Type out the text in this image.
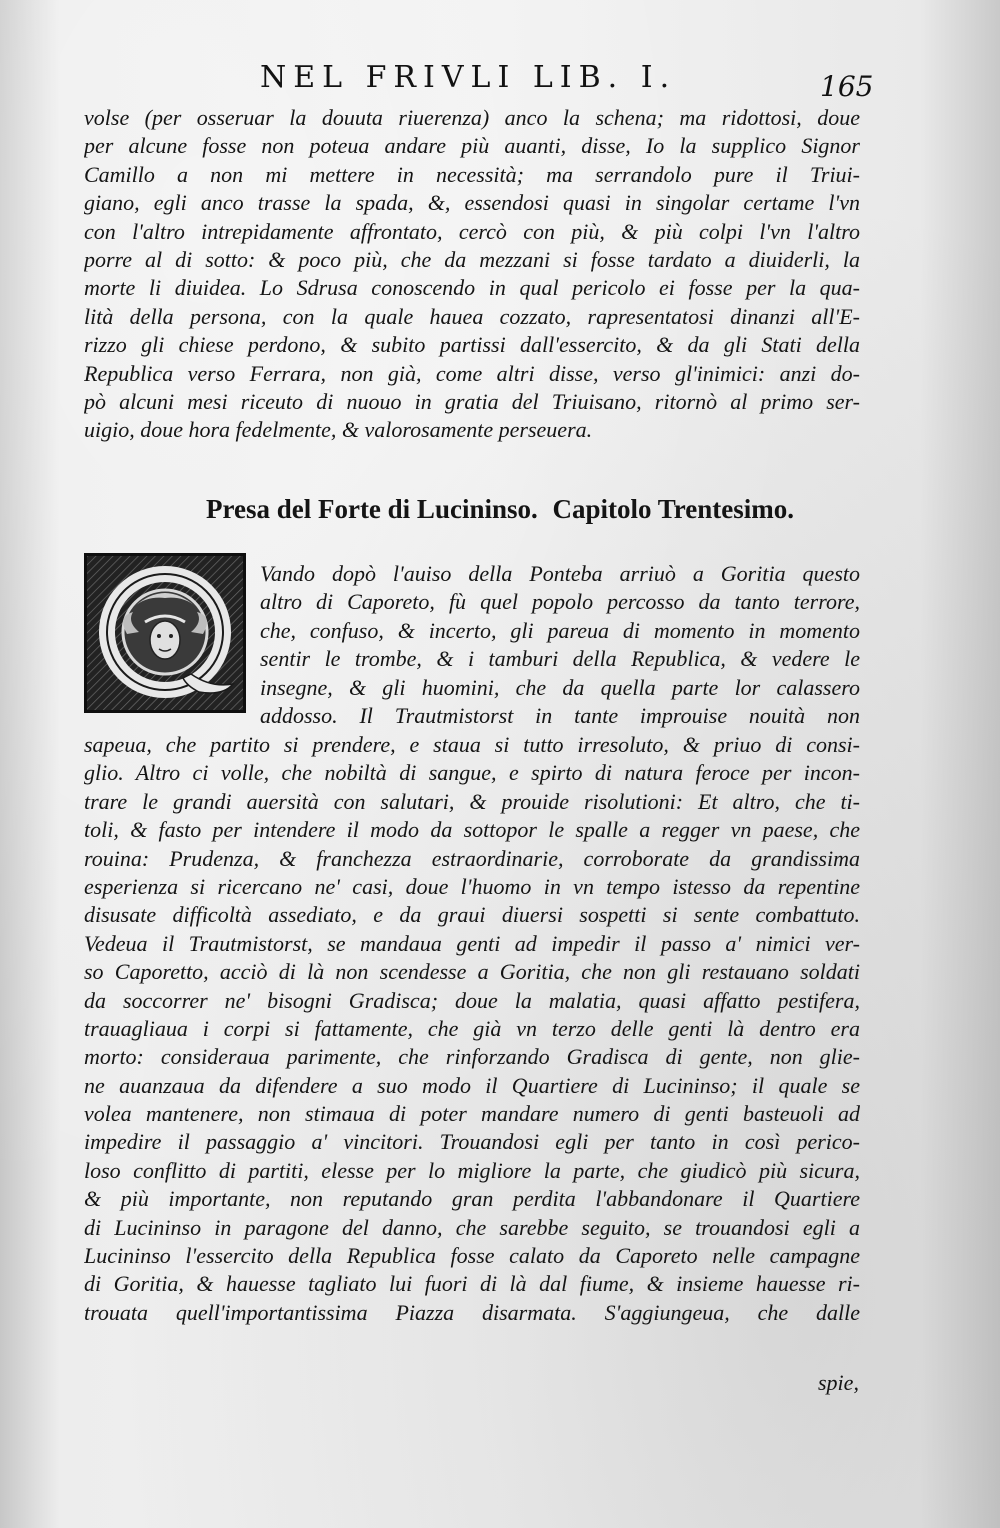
NEL FRIVLI LIB. I.	165
volse (per osseruar la douuta riuerenza) anco la schena; ma ridottosi, doue
per alcune fosse non poteua andare più auanti, disse, Io la supplico Signor
Camillo a non mi mettere in necessità; ma serrandolo pure il Triui-
giano, egli anco trasse la spada, &, essendosi quasi in singolar certame l'vn
con l'altro intrepidamente affrontato, cercò con più, & più colpi l'vn l'altro
porre al di sotto: & poco più, che da mezzani si fosse tardato a diuiderli, la
morte li diuidea. Lo Sdrusa conoscendo in qual pericolo ei fosse per la qua-
lità della persona, con la quale hauea cozzato, rapresentatosi dinanzi all'E-
rizzo gli chiese perdono, & subito partissi dall'essercito, & da gli Stati della
Republica verso Ferrara, non già, come altri disse, verso gl'inimici: anzi do-
pò alcuni mesi riceuto di nuouo in gratia del Triuisano, ritornò al primo ser-
uigio, doue hora fedelmente, & valorosamente perseuera.
Presa del Forte di Lucininso. Capitolo Trentesimo.
Vando dopò l'auiso della Ponteba arriuò a Goritia questo
altro di Caporeto, fù quel popolo percosso da tanto terrore,
che, confuso, & incerto, gli pareua di momento in momento
sentir le trombe, & i tamburi della Republica, & vedere le
insegne, & gli huomini, che da quella parte lor calassero
addosso. Il Trautmistorst in tante improuise nouità non
sapeua, che partito si prendere, e staua si tutto irresoluto, & priuo di consi-
glio. Altro ci volle, che nobiltà di sangue, e spirto di natura feroce per incon-
trare le grandi auersità con salutari, & prouide risolutioni: Et altro, che ti-
toli, & fasto per intendere il modo da sottopor le spalle a regger vn paese, che
rouina: Prudenza, & franchezza estraordinarie, corroborate da grandissima
esperienza si ricercano ne' casi, doue l'huomo in vn tempo istesso da repentine
disusate difficoltà assediato, e da graui diuersi sospetti si sente combattuto.
Vedeua il Trautmistorst, se mandaua genti ad impedir il passo a' nimici ver-
so Caporetto, acciò di là non scendesse a Goritia, che non gli restauano soldati
da soccorrer ne' bisogni Gradisca; doue la malatia, quasi affatto pestifera,
trauagliaua i corpi si fattamente, che già vn terzo delle genti là dentro era
morto: consideraua parimente, che rinforzando Gradisca di gente, non glie-
ne auanzaua da difendere a suo modo il Quartiere di Lucininso; il quale se
volea mantenere, non stimaua di poter mandare numero di genti basteuoli ad
impedire il passaggio a' vincitori. Trouandosi egli per tanto in così perico-
loso conflitto di partiti, elesse per lo migliore la parte, che giudicò più sicura,
& più importante, non reputando gran perdita l'abbandonare il Quartiere
di Lucininso in paragone del danno, che sarebbe seguito, se trouandosi egli a
Lucininso l'essercito della Republica fosse calato da Caporeto nelle campagne
di Goritia, & hauesse tagliato lui fuori di là dal fiume, & insieme hauesse ri-
trouata quell'importantissima Piazza disarmata. S'aggiungeua, che dalle
spie,
